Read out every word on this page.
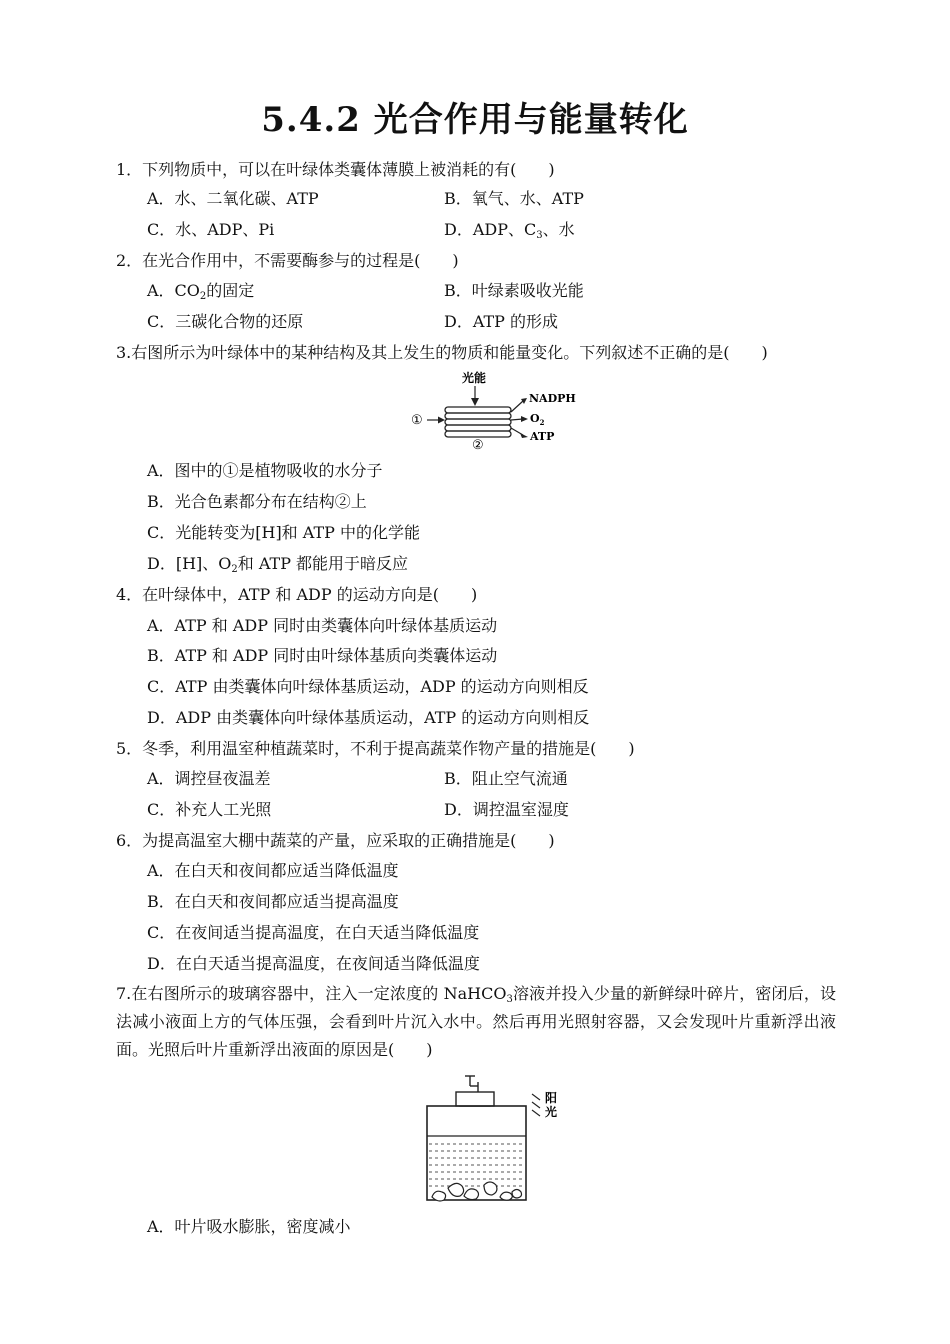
5.4.2 光合作用与能量转化
1．下列物质中，可以在叶绿体类囊体薄膜上被消耗的有(　　)
A．水、二氧化碳、ATP	B．氧气、水、ATP
C．水、ADP、Pi	D．ADP、$C_3$、水
2．在光合作用中，不需要酶参与的过程是(　　)
A．$CO_2$的固定	B．叶绿素吸收光能
C．三碳化合物的还原	D．ATP 的形成
3.右图所示为叶绿体中的某种结构及其上发生的物质和能量变化。下列叙述不正确的是(　　)
光能
①
②
NADPH
$O_2$
ATP
A．图中的①是植物吸收的水分子
B．光合色素都分布在结构②上
C．光能转变为[H]和 ATP 中的化学能
D．[H]、$O_2$和 ATP 都能用于暗反应
4．在叶绿体中，ATP 和 ADP 的运动方向是(　　)
A．ATP 和 ADP 同时由类囊体向叶绿体基质运动
B．ATP 和 ADP 同时由叶绿体基质向类囊体运动
C．ATP 由类囊体向叶绿体基质运动，ADP 的运动方向则相反
D．ADP 由类囊体向叶绿体基质运动，ATP 的运动方向则相反
5．冬季，利用温室种植蔬菜时，不利于提高蔬菜作物产量的措施是(　　)
A．调控昼夜温差	B．阻止空气流通
C．补充人工光照	D．调控温室湿度
6．为提高温室大棚中蔬菜的产量，应采取的正确措施是(　　)
A．在白天和夜间都应适当降低温度
B．在白天和夜间都应适当提高温度
C．在夜间适当提高温度，在白天适当降低温度
D．在白天适当提高温度，在夜间适当降低温度
7.在右图所示的玻璃容器中，注入一定浓度的 NaHCO$_3$溶液并投入少量的新鲜绿叶碎片，密闭后，设法减小液面上方的气体压强，会看到叶片沉入水中。然后再用光照射容器，又会发现叶片重新浮出液面。光照后叶片重新浮出液面的原因是(　　)
阳
光
A．叶片吸水膨胀，密度减小
